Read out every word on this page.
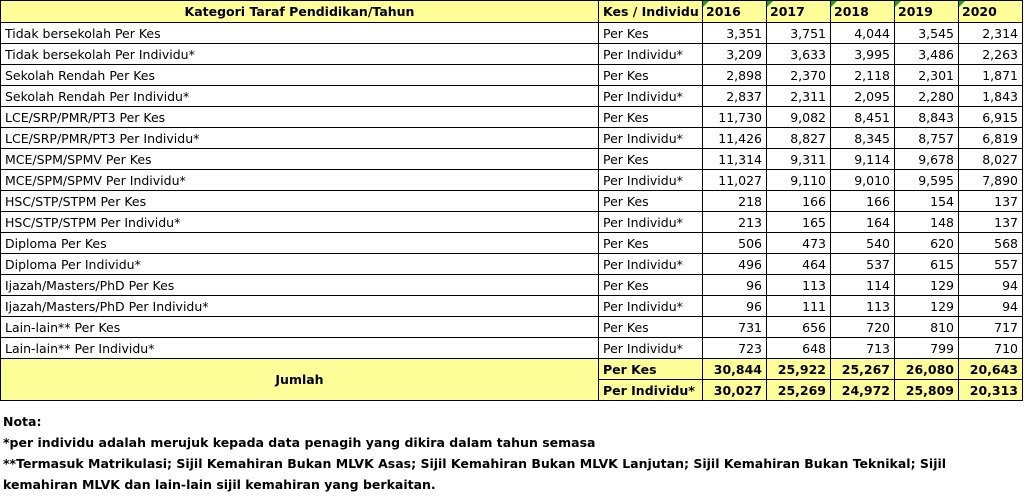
Kategori Taraf Pendidikan/Tahun	Kes / Individu	2016	2017	2018	2019	2020
Tidak bersekolah Per Kes	Per Kes	3,351	3,751	4,044	3,545	2,314
Tidak bersekolah Per Individu*	Per Individu*	3,209	3,633	3,995	3,486	2,263
Sekolah Rendah Per Kes	Per Kes	2,898	2,370	2,118	2,301	1,871
Sekolah Rendah Per Individu*	Per Individu*	2,837	2,311	2,095	2,280	1,843
LCE/SRP/PMR/PT3 Per Kes	Per Kes	11,730	9,082	8,451	8,843	6,915
LCE/SRP/PMR/PT3 Per Individu*	Per Individu*	11,426	8,827	8,345	8,757	6,819
MCE/SPM/SPMV Per Kes	Per Kes	11,314	9,311	9,114	9,678	8,027
MCE/SPM/SPMV Per Individu*	Per Individu*	11,027	9,110	9,010	9,595	7,890
HSC/STP/STPM Per Kes	Per Kes	218	166	166	154	137
HSC/STP/STPM Per Individu*	Per Individu*	213	165	164	148	137
Diploma Per Kes	Per Kes	506	473	540	620	568
Diploma Per Individu*	Per Individu*	496	464	537	615	557
Ijazah/Masters/PhD Per Kes	Per Kes	96	113	114	129	94
Ijazah/Masters/PhD Per Individu*	Per Individu*	96	111	113	129	94
Lain-lain** Per Kes	Per Kes	731	656	720	810	717
Lain-lain** Per Individu*	Per Individu*	723	648	713	799	710
Jumlah	Per Kes	30,844	25,922	25,267	26,080	20,643
	Per Individu*	30,027	25,269	24,972	25,809	20,313

Nota:

*per individu adalah merujuk kepada data penagih yang dikira dalam tahun semasa

**Termasuk Matrikulasi; Sijil Kemahiran Bukan MLVK Asas; Sijil Kemahiran Bukan MLVK Lanjutan; Sijil Kemahiran Bukan Teknikal; Sijil kemahiran MLVK dan lain-lain sijil kemahiran yang berkaitan.
